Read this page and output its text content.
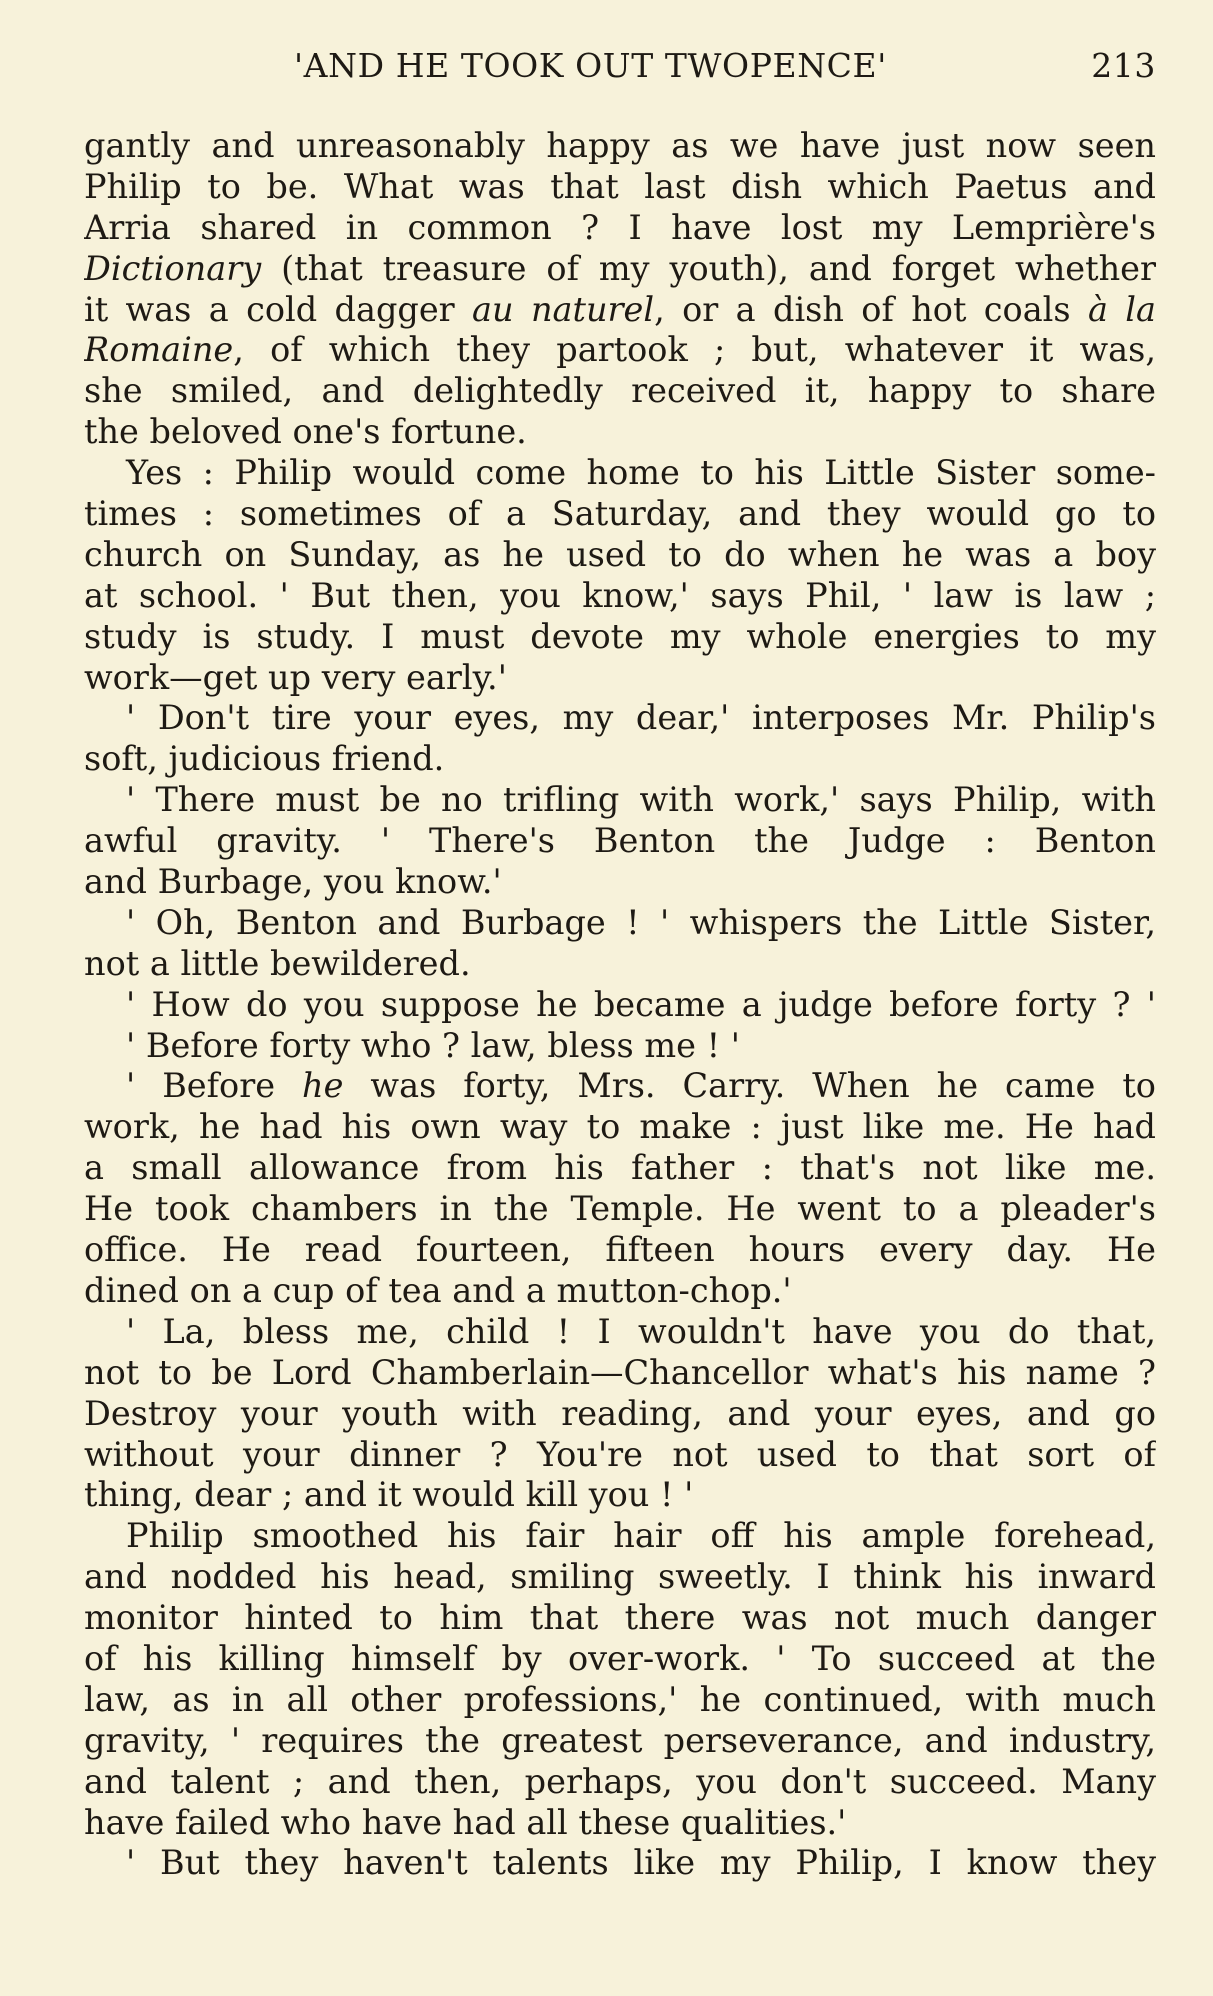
'AND HE TOOK OUT TWOPENCE'	213
gantly and unreasonably happy as we have just now seen
Philip to be. What was that last dish which Paetus and
Arria shared in common ? I have lost my Lemprière's
Dictionary (that treasure of my youth), and forget whether
it was a cold dagger au naturel, or a dish of hot coals à la
Romaine, of which they partook ; but, whatever it was,
she smiled, and delightedly received it, happy to share
the beloved one's fortune.
Yes : Philip would come home to his Little Sister some-
times : sometimes of a Saturday, and they would go to
church on Sunday, as he used to do when he was a boy
at school. ' But then, you know,' says Phil, ' law is law ;
study is study. I must devote my whole energies to my
work—get up very early.'
' Don't tire your eyes, my dear,' interposes Mr. Philip's
soft, judicious friend.
' There must be no trifling with work,' says Philip, with
awful gravity. ' There's Benton the Judge : Benton
and Burbage, you know.'
' Oh, Benton and Burbage ! ' whispers the Little Sister,
not a little bewildered.
' How do you suppose he became a judge before forty ? '
' Before forty who ? law, bless me ! '
' Before he was forty, Mrs. Carry. When he came to
work, he had his own way to make : just like me. He had
a small allowance from his father : that's not like me.
He took chambers in the Temple. He went to a pleader's
office. He read fourteen, fifteen hours every day. He
dined on a cup of tea and a mutton-chop.'
' La, bless me, child ! I wouldn't have you do that,
not to be Lord Chamberlain—Chancellor what's his name ?
Destroy your youth with reading, and your eyes, and go
without your dinner ? You're not used to that sort of
thing, dear ; and it would kill you ! '
Philip smoothed his fair hair off his ample forehead,
and nodded his head, smiling sweetly. I think his inward
monitor hinted to him that there was not much danger
of his killing himself by over-work. ' To succeed at the
law, as in all other professions,' he continued, with much
gravity, ' requires the greatest perseverance, and industry,
and talent ; and then, perhaps, you don't succeed. Many
have failed who have had all these qualities.'
' But they haven't talents like my Philip, I know they
